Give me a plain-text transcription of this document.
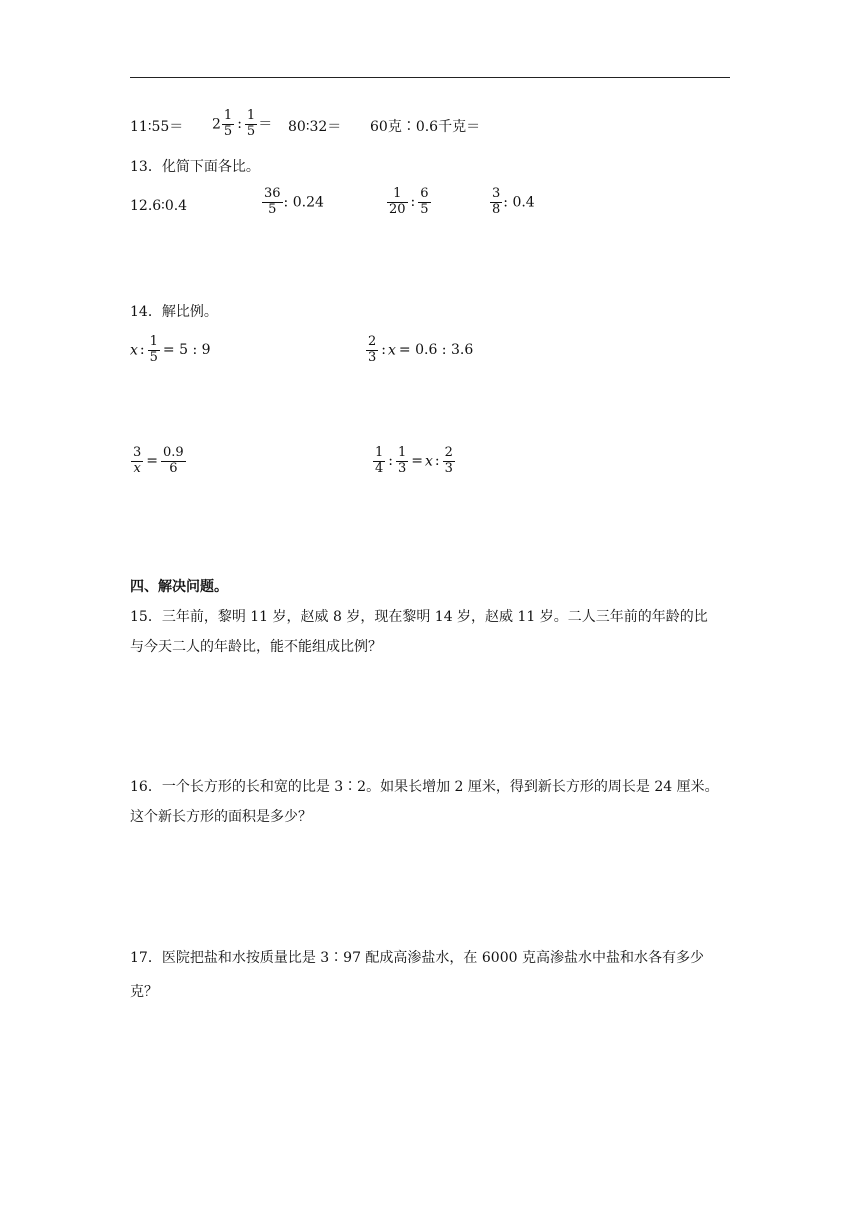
11∶55＝ $2 \frac{1}{5}$ : $\frac{1}{5}$ ＝ 80∶32＝ 60克∶0.6千克＝
13．化简下面各比。
12.6∶0.4	$\frac{36}{5}$ : 0.24	$\frac{1}{20}$ : $\frac{6}{5}$	$\frac{3}{8}$ : 0.4
14．解比例。
x : $\frac{1}{5} = 5$ : 9	$\frac{2}{3}$ : x = 0.6 : 3.6
$\frac{3}{x} = \frac{0.9}{6}$	$\frac{1}{4}$ : $\frac{1}{3} = x$ : $\frac{2}{3}$
四、解决问题。
15．三年前，黎明 11 岁，赵威 8 岁，现在黎明 14 岁，赵威 11 岁。二人三年前的年龄的比
与今天二人的年龄比，能不能组成比例？
16．一个长方形的长和宽的比是 3∶2。如果长增加 2 厘米，得到新长方形的周长是 24 厘米。
这个新长方形的面积是多少？
17．医院把盐和水按质量比是 3∶97 配成高渗盐水，在 6000 克高渗盐水中盐和水各有多少
克？
